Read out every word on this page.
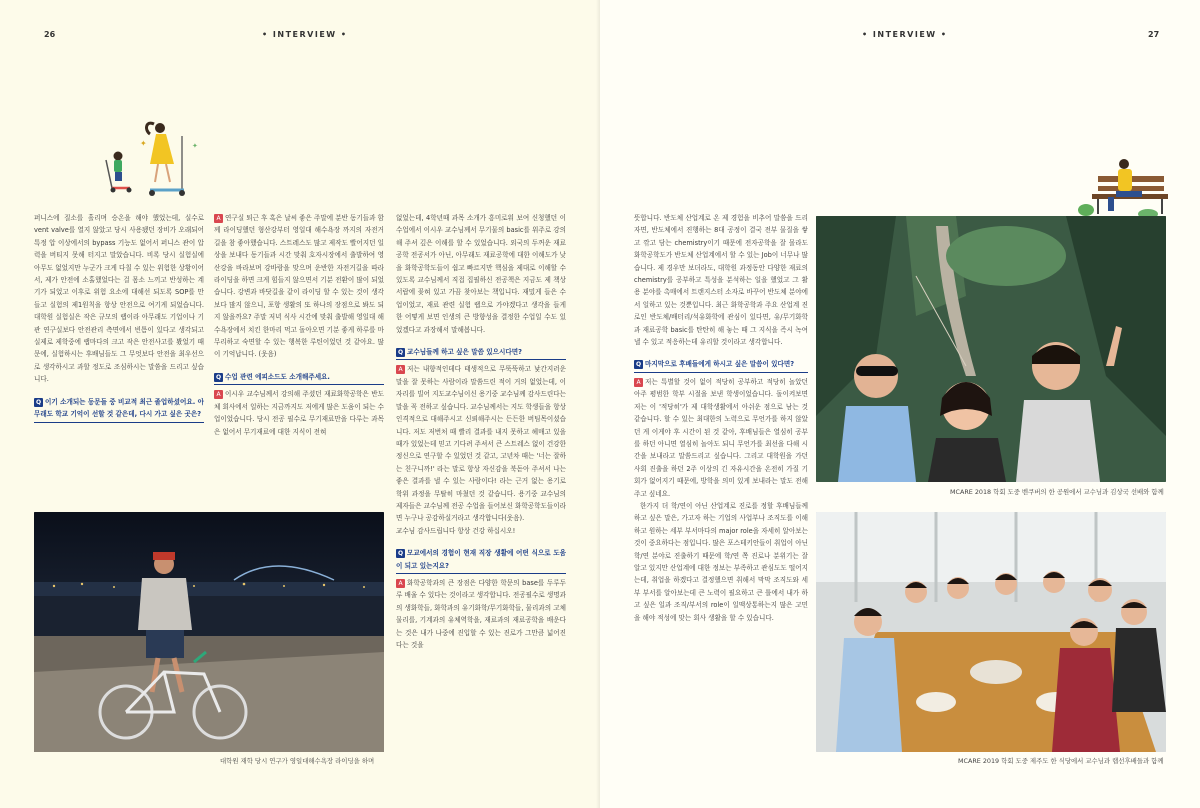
26	• INTERVIEW •
✦	✦

퍼니스에 질소를 흘리며 승온을 해야 했었는데, 실수로 vent valve를 열지 않았고 당시 사용됐던 장비가 오래되어 특정 압 이상에서의 bypass 기능도 없어서 퍼니스 관이 압력을 버티지 못해 터지고 말았습니다. 비록 당시 실험실에 아무도 없었지만 누군가 크게 다칠 수 있는 위험한 상황이어서, 제가 안전에 소홀했었다는 걸 몸소 느끼고 반성하는 계기가 되었고 이후로 위험 요소에 대해선 되도록 SOP를 만들고 실험의 제1원칙을 항상 안전으로 여기게 되었습니다. 대학원 실험실은 작은 규모의 랩이라 아무래도 기업이나 기관 연구실보다 안전관리 측면에서 빈틈이 있다고 생각되고 실제로 제학중에 랩마다의 크고 작은 안전사고를 봤었기 때문에, 실험하시는 후배님들도 그 무엇보다 안전을 최우선으로 생각하시고 과할 정도로 조심하시는 말씀을 드리고 싶습니다.

Q 이기 소개되는 동문들 중 비교적 최근 졸업하셨어요. 아무래도 학교 기억이 선할 것 같은데, 다시 가고 싶은 곳은?
대학원 재학 당시 연구가 영일대해수욕장 라이딩을 하며

A 연구실 퇴근 후 혹은 날씨 좋은 주말에 분반 동기들과 함께 라이딩했던 형산강부터 영일대 해수욕장 까지의 자전거길을 참 좋아했습니다. 스트레스도 많고 제작도 빨어지던 일상을 보내다 동기들과 시간 맞춰 호자시장에서 출발하여 영산강을 바라보며 강바람을 맞으며 운반한 자전거길을 따라 라이딩을 하면 크게 힘들지 않으면서 기분 전환이 많이 되었습니다. 강변과 바닷길을 같이 라이딩 할 수 있는 것이 생각보다 많지 않으니, 포항 생활의 또 하나의 장점으로 봐도 되지 않을까요? 주말 저녁 식사 시간에 맞춰 출발해 영일대 해수욕장에서 치킨 한마리 먹고 돌아오면 기분 좋게 하루를 마무리하고 숙면할 수 있는 행복한 루틴이었던 것 같아요. 많이 기억납니다. (웃음)

Q 수업 관련 에피소드도 소개해주세요.

A 이시우 교수님께서 강의해 주셨던 재료화학공학은 반도체 회사에서 일하는 지금까지도 저에게 많은 도움이 되는 수업이었습니다. 당시 전공 필수로 무기재료만을 다루는 과목은 없어서 무기재료에 대한 지식이 전혀

없었는데, 4학년때 과목 소개가 흥미로워 보여 신청했던 이 수업에서 이시우 교수님께서 무기물의 basic를 위주로 강의해 주셔 깊은 이해를 할 수 있었습니다. 외국의 두꺼운 재료공학 전공서가 아닌, 아무래도 재료공학에 대한 이해도가 낮을 화학공학도들이 쉽고 빠르지만 핵심을 제대로 이해할 수 있도록 교수님께서 직접 집필하신 전공책은 지금도 제 책상 서랍에 꽂혀 있고 가끔 찾아보는 책입니다. 재밌게 들은 수업이었고, 재료 관련 실험 랩으로 가야겠다고 생각을 들게 한 어떻게 보면 인생의 큰 방향성을 결정한 수업일 수도 있었겠다고 과장해서 말해봅니다.

Q 교수님들께 하고 싶은 말씀 있으시다면?

A 저는 내향적인데다 태생적으로 무뚝뚝하고 낯간지러운 말을 잘 못하는 사람이라 말씀드린 적이 거의 없었는데, 이 자리를 빌어 지도교수님이신 용기중 교수님께 감사드린다는 말을 꼭 전하고 싶습니다. 교수님께서는 지도 학생들을 항상 인격적으로 대해주시고 신뢰해주시는 든든한 버팀목이셨습니다. 저도 저번처 때 빨리 결과를 내지 못하고 헤매고 있을 때가 있었는데 믿고 기다려 주셔서 큰 스트레스 없이 건강한 정신으로 연구할 수 있었던 것 같고, 고년차 때는 '너는 잘하는 친구니까!' 라는 말로 항상 자신감을 북돋아 주셔서 나는 좋은 결과를 낼 수 있는 사람이다! 라는 근거 없는 용기로 학위 과정을 무탈히 마쳤던 것 같습니다. 용기중 교수님의 제자들은 교수님께 전공 수업을 들어보신 화학공학도들이라면 누구나 공감하실거라고 생각합니다(웃음).

교수님 감사드립니다 항상 건강 하십시오!

Q 모교에서의 경험이 현재 직장 생활에 어떤 식으로 도움이 되고 있는지요?

A 화학공학과의 큰 장점은 다양한 학문의 base를 두루두루 배울 수 있다는 것이라고 생각합니다. 전공필수로 생명과의 생화학들, 화학과의 유기화학/무기화학들, 물리과의 고체물리를, 기계과의 유체역학을, 재료과의 재료공학을 배운다는 것은 내가 나중에 진입할 수 있는 진로가 그만큼 넓어진다는 것을

• INTERVIEW •	27

뜻합니다. 반도체 산업계로 온 제 경험을 비추어 말씀을 드리자면, 반도체에서 진행하는 8대 공정이 결국 전부 물질을 쌓고 깎고 담는 chemistry이기 때문에 전자공학을 잘 몰라도 화학공학도가 반도체 산업계에서 할 수 있는 Job이 너무나 많습니다. 제 경우만 보더라도, 대학원 과정동안 다양한 재료의 chemistry를 공부하고 특성을 분석하는 일을 했었고 그 활용 분야를 촉매에서 트랜지스터 소자로 바꾸어 반도체 분야에서 일하고 있는 것뿐입니다. 최근 화학공학과 주요 산업계 진로인 반도체/배터리/석유화학에 관심이 있다면, 유/무기화학과 재료공학 basic를 탄탄히 해 놓는 때 그 지식을 즉시 녹여낼 수 있고 적응하는데 유리할 것이라고 생각합니다.

Q 마지막으로 후배들에게 하시고 싶은 말씀이 있다면?

A 저는 특별할 것이 없이 적당히 공부하고 적당히 놀았던 아주 평범한 학부 시절을 보낸 학생이었습니다. 돌이켜보면 저는 이 '적당히'가 제 대학생활에서 아쉬운 점으로 남는 것 같습니다. 할 수 있는 최대한의 노력으로 무언가를 하지 않았던 게 이게야 후 시간이 된 것 같아, 후배님들은 열심히 공부를 하던 아니면 열심히 놀아도 되니 무언가를 최선을 다해 시간을 보내라고 말씀드리고 싶습니다. 그리고 대학원을 가던 사회 진출을 하던 2주 이상의 긴 자유시간을 온전히 가질 기회가 없어지기 때문에, 방학을 의미 있게 보내라는 말도 전해주고 싶네요.

한가지 더 학/연이 아닌 산업계로 진로를 정할 후배님들께 하고 싶은 말은, 가고자 하는 기업의 사업부나 조직도를 이해하고 원하는 세부 부서마다의 major role을 자세히 알아보는 것이 중요하다는 점입니다. 많은 포스테키안들이 취업이 아닌 학/연 분야로 진출하기 때문에 학/연 쪽 진로나 분위기는 잘 알고 있지만 산업계에 대한 정보는 부족하고 관심도도 떨어지는데, 취업을 하겠다고 결정했으면 취해서 막막 조직도와 세부 부서를 알아보는데 큰 노력이 필요하고 큰 틀에서 내가 하고 싶은 일과 조직/부서의 role이 일맥상통하는지 많은 고민을 해야 적성에 맞는 회사 생활을 할 수 있습니다.

MCARE 2018 학회 도중 벤쿠버의 한 공원에서 교수님과 김상국 선배와 함께
MCARE 2019 학회 도중 제주도 한 식당에서 교수님과 랩선후배들과 함께
